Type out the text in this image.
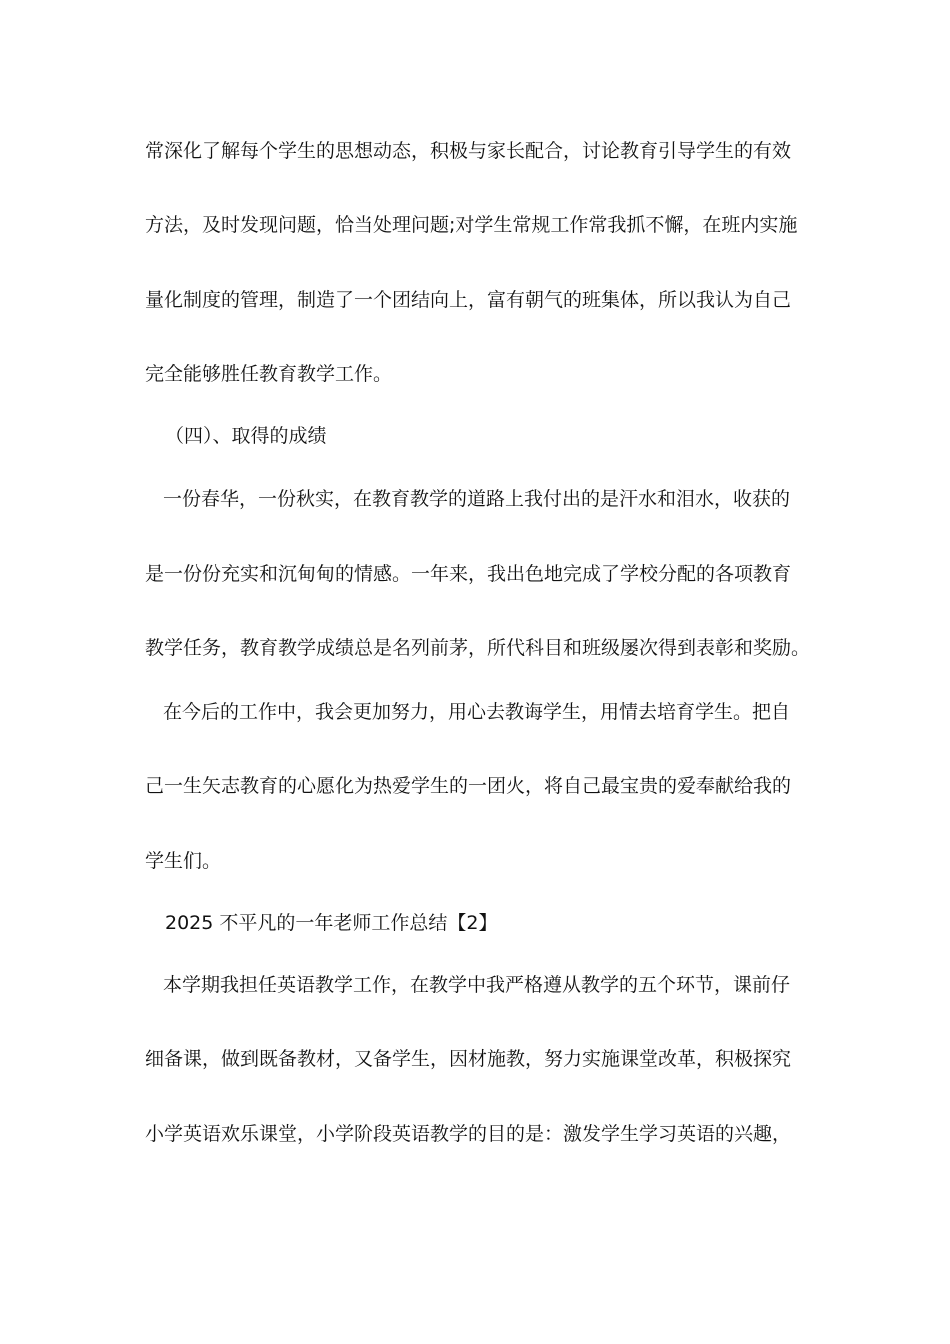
常深化了解每个学生的思想动态，积极与家长配合，讨论教育引导学生的有效
方法，及时发现问题，恰当处理问题;对学生常规工作常我抓不懈，在班内实施
量化制度的管理，制造了一个团结向上，富有朝气的班集体，所以我认为自己
完全能够胜任教育教学工作。
（四）、取得的成绩
一份春华，一份秋实，在教育教学的道路上我付出的是汗水和泪水，收获的
是一份份充实和沉甸甸的情感。一年来，我出色地完成了学校分配的各项教育
教学任务，教育教学成绩总是名列前茅，所代科目和班级屡次得到表彰和奖励。
在今后的工作中，我会更加努力，用心去教诲学生，用情去培育学生。把自
己一生矢志教育的心愿化为热爱学生的一团火，将自己最宝贵的爱奉献给我的
学生们。
2025 不平凡的一年老师工作总结【2】
本学期我担任英语教学工作，在教学中我严格遵从教学的五个环节，课前仔
细备课，做到既备教材，又备学生，因材施教，努力实施课堂改革，积极探究
小学英语欢乐课堂，小学阶段英语教学的目的是：激发学生学习英语的兴趣，
